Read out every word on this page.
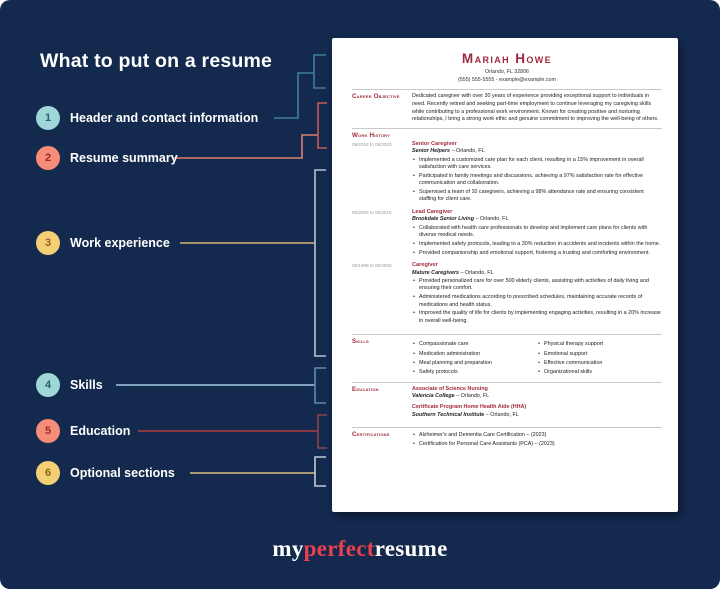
What to put on a resume
1 Header and contact information
2 Resume summary
3 Work experience
4 Skills
5 Education
6 Optional sections
Mariah Howe
Orlando, FL 32806
(555) 555-5555 - example@example.com
Career Objective	Dedicated caregiver with over 30 years of experience providing exceptional support to individuals in need. Recently retired and seeking part-time employment to continue leveraging my caregiving skills while contributing to a professional work environment. Known for creating positive and nurturing relationships, I bring a strong work ethic and genuine commitment to improving the well-being of others.
Work History
06/2015 to 08/2023	Senior Caregiver
Senior Helpers – Orlando, FL
• Implemented a customized care plan for each client, resulting in a 15% improvement in overall satisfaction with care services.
• Participated in family meetings and discussions, achieving a 97% satisfaction rate for effective communication and collaboration.
• Supervised a team of 10 caregivers, achieving a 98% attendance rate and ensuring consistent staffing for client care.
05/2003 to 06/2015	Lead Caregiver
Brookdale Senior Living – Orlando, FL
• Collaborated with health care professionals to develop and implement care plans for clients with diverse medical needs.
• Implemented safety protocols, leading to a 30% reduction in accidents and incidents within the home.
• Provided companionship and emotional support, fostering a trusting and comforting environment.
06/1999 to 05/2003	Caregiver
Mature Caregivers – Orlando, FL
• Provided personalized care for over 500 elderly clients, assisting with activities of daily living and ensuring their comfort.
• Administered medications according to prescribed schedules, maintaining accurate records of medications and health status.
• Improved the quality of life for clients by implementing engaging activities, resulting in a 20% increase in overall well-being.
Skills	• Compassionate care
• Medication administration
• Meal planning and preparation
• Safety protocols
• Physical therapy support
• Emotional support
• Effective communication
• Organizational skills
Education	Associate of Science Nursing
Valencia College – Orlando, FL
Certificate Program Home Health Aide (HHA)
Southern Technical Institute – Orlando, FL
Certifications	• Alzheimer's and Dementia Care Certification – (2023)
• Certification for Personal Care Assistants (PCA) – (2023)
myperfectresume
